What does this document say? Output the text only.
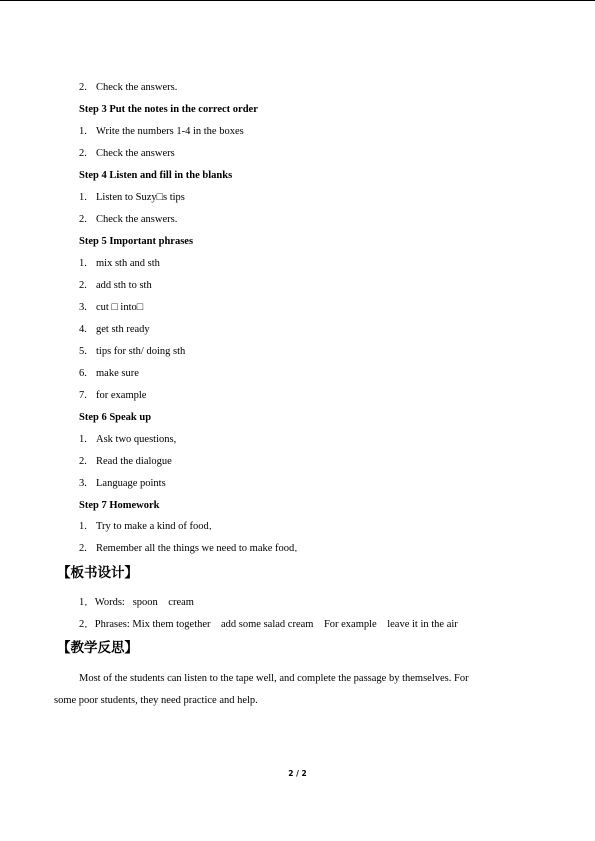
2. Check the answers.
Step 3 Put the notes in the correct order
1. Write the numbers 1-4 in the boxes
2. Check the answers
Step 4 Listen and fill in the blanks
1. Listen to Suzy□s tips
2. Check the answers.
Step 5 Important phrases
1. mix sth and sth
2. add sth to sth
3. cut □ into□
4. get sth ready
5. tips for sth/ doing sth
6. make sure
7. for example
Step 6 Speak up
1. Ask two questions,
2. Read the dialogue
3. Language points
Step 7 Homework
1. Try to make a kind of food．
2. Remember all the things we need to make food．
【板书设计】
1．Words:   spoon    cream
2．Phrases: Mix them together    add some salad cream    For example    leave it in the air
【教学反思】
Most of the students can listen to the tape well, and complete the passage by themselves. For
some poor students, they need practice and help.
2 / 2
